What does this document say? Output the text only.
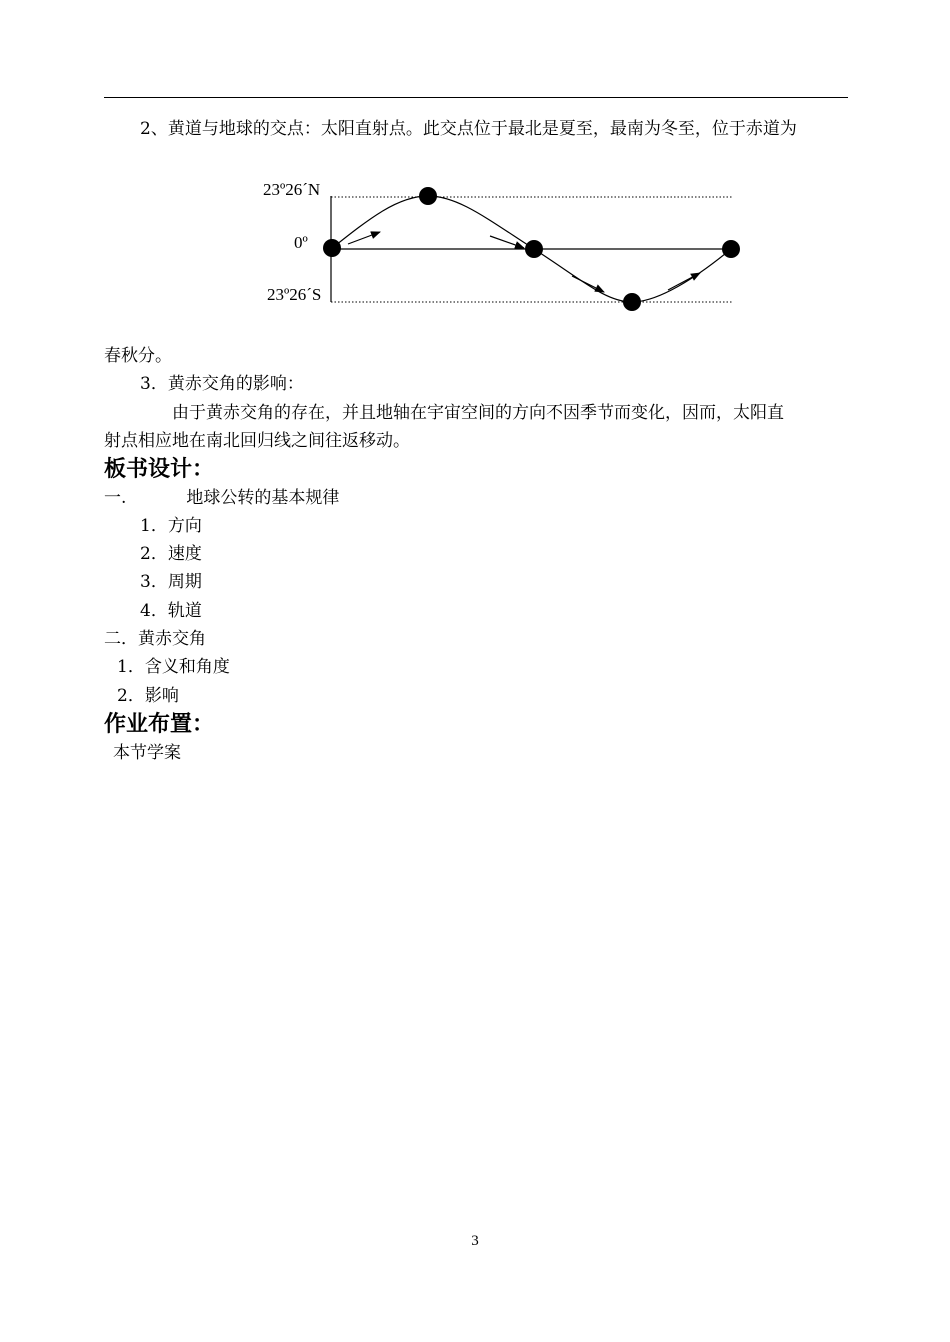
2、黄道与地球的交点：太阳直射点。此交点位于最北是夏至，最南为冬至，位于赤道为
23º26´N
0º
23º26´S
春秋分。
3．黄赤交角的影响：
由于黄赤交角的存在，并且地轴在宇宙空间的方向不因季节而变化，因而，太阳直
射点相应地在南北回归线之间往返移动。
板书设计：
一.	地球公转的基本规律
1．方向
2．速度
3．周期
4．轨道
二．黄赤交角
1．含义和角度
2．影响
作业布置：
本节学案
3
